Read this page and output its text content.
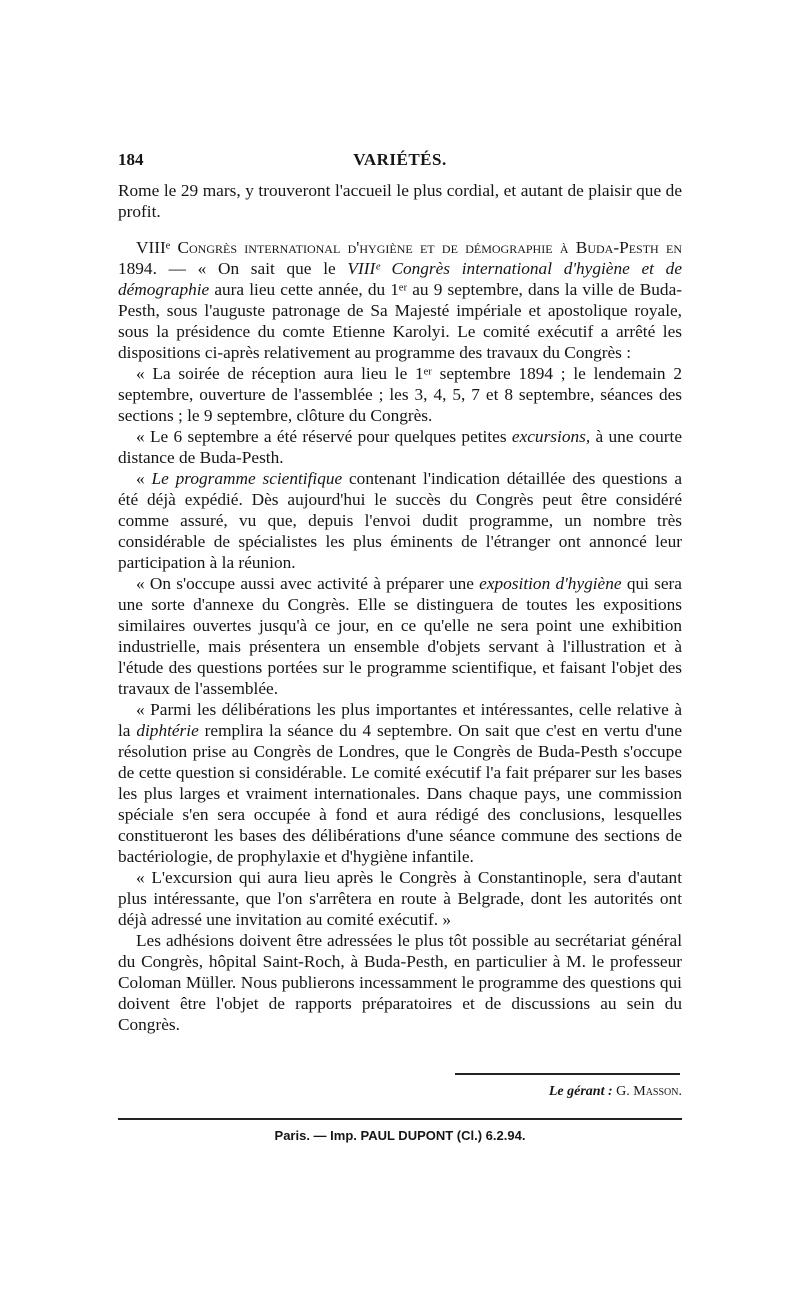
184	VARIÉTÉS.

Rome le 29 mars, y trouveront l'accueil le plus cordial, et autant de plaisir que de profit.

VIIIᵉ Congrès international d'hygiène et de démographie à Buda-Pesth en 1894. — « On sait que le VIIIᵉ Congrès international d'hygiène et de démographie aura lieu cette année, du 1ᵉʳ au 9 septembre, dans la ville de Buda-Pesth, sous l'auguste patronage de Sa Majesté impériale et apostolique royale, sous la présidence du comte Etienne Karolyi. Le comité exécutif a arrêté les dispositions ci-après relativement au programme des travaux du Congrès :

« La soirée de réception aura lieu le 1ᵉʳ septembre 1894 ; le lendemain 2 septembre, ouverture de l'assemblée ; les 3, 4, 5, 7 et 8 septembre, séances des sections ; le 9 septembre, clôture du Congrès.

« Le 6 septembre a été réservé pour quelques petites excursions, à une courte distance de Buda-Pesth.

« Le programme scientifique contenant l'indication détaillée des questions a été déjà expédié. Dès aujourd'hui le succès du Congrès peut être considéré comme assuré, vu que, depuis l'envoi dudit programme, un nombre très considérable de spécialistes les plus éminents de l'étranger ont annoncé leur participation à la réunion.

« On s'occupe aussi avec activité à préparer une exposition d'hygiène qui sera une sorte d'annexe du Congrès. Elle se distinguera de toutes les expositions similaires ouvertes jusqu'à ce jour, en ce qu'elle ne sera point une exhibition industrielle, mais présentera un ensemble d'objets servant à l'illustration et à l'étude des questions portées sur le programme scientifique, et faisant l'objet des travaux de l'assemblée.

« Parmi les délibérations les plus importantes et intéressantes, celle relative à la diphtérie remplira la séance du 4 septembre. On sait que c'est en vertu d'une résolution prise au Congrès de Londres, que le Congrès de Buda-Pesth s'occupe de cette question si considérable. Le comité exécutif l'a fait préparer sur les bases les plus larges et vraiment internationales. Dans chaque pays, une commission spéciale s'en sera occupée à fond et aura rédigé des conclusions, lesquelles constitueront les bases des délibérations d'une séance commune des sections de bactériologie, de prophylaxie et d'hygiène infantile.

« L'excursion qui aura lieu après le Congrès à Constantinople, sera d'autant plus intéressante, que l'on s'arrêtera en route à Belgrade, dont les autorités ont déjà adressé une invitation au comité exécutif. »

Les adhésions doivent être adressées le plus tôt possible au secrétariat général du Congrès, hôpital Saint-Roch, à Buda-Pesth, en particulier à M. le professeur Coloman Müller. Nous publierons incessamment le programme des questions qui doivent être l'objet de rapports préparatoires et de discussions au sein du Congrès.

Le gérant : G. Masson.
Paris. — Imp. PAUL DUPONT (Cl.) 6.2.94.
